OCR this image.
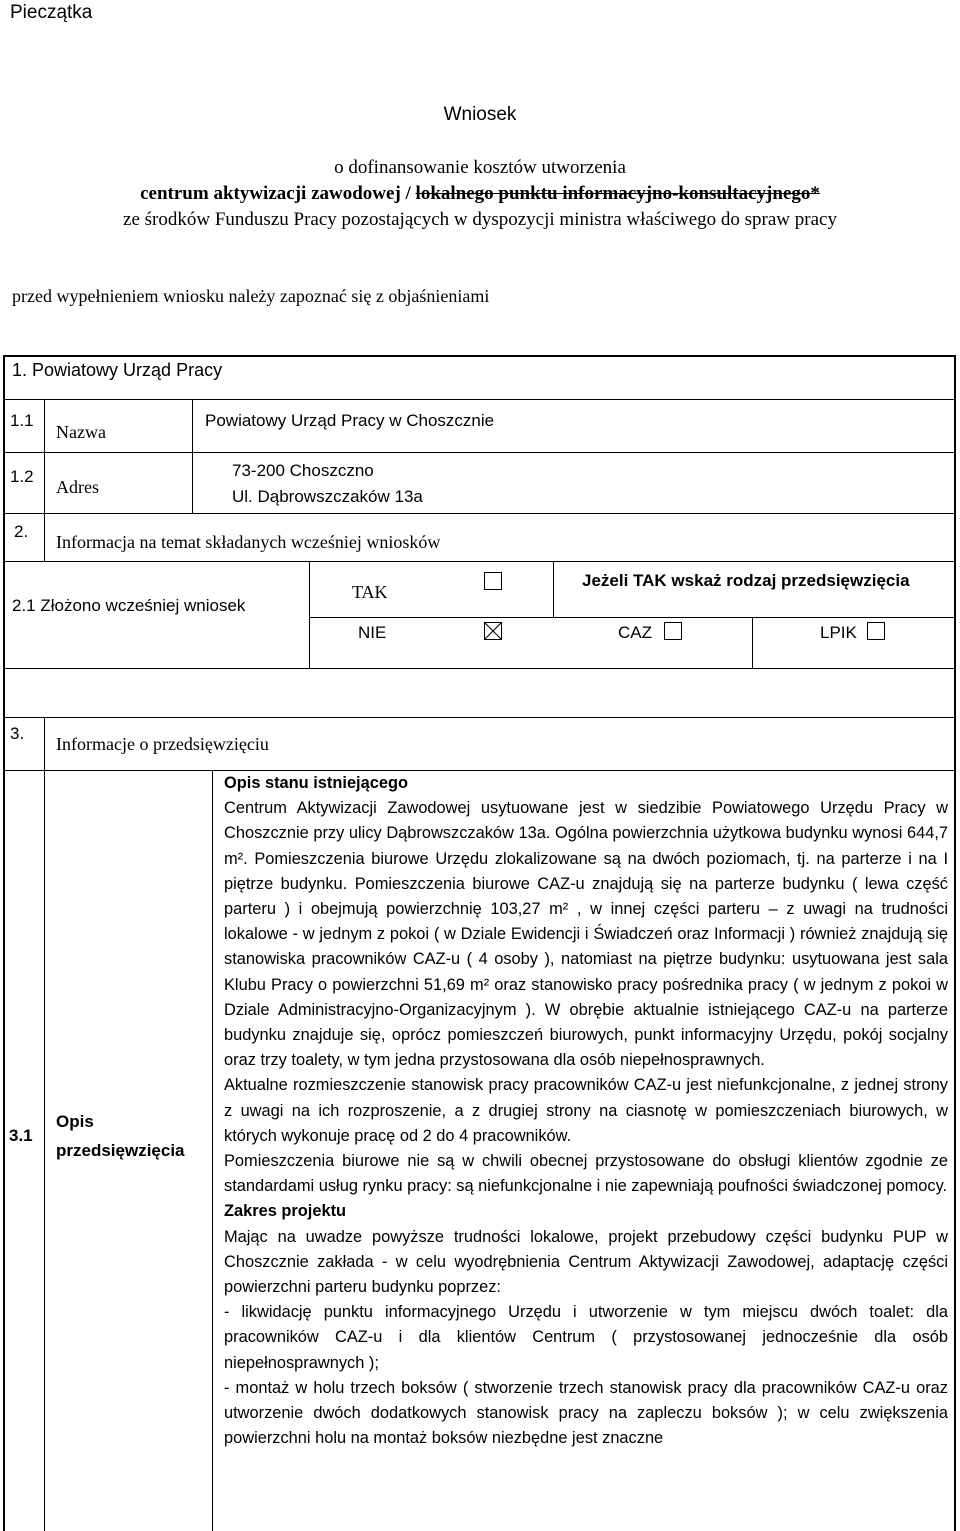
Pieczątka
Wniosek
o dofinansowanie kosztów utworzenia
centrum aktywizacji zawodowej / lokalnego punktu informacyjno-konsultacyjnego*
ze środków Funduszu Pracy pozostających w dyspozycji ministra właściwego do spraw pracy
przed wypełnieniem wniosku należy zapoznać się z objaśnieniami
1. Powiatowy Urząd Pracy
1.1
Nazwa
Powiatowy Urząd Pracy w Choszcznie
1.2
Adres
73-200 Choszczno
Ul. Dąbrowszczaków 13a
2.
Informacja na temat składanych wcześniej wniosków
2.1 Złożono wcześniej wniosek
TAK
Jeżeli TAK wskaż rodzaj przedsięwzięcia
NIE	CAZ	LPIK
3.
Informacje o przedsięwzięciu
3.1
Opis
przedsięwzięcia

Opis stanu istniejącego

Centrum Aktywizacji Zawodowej usytuowane jest w siedzibie Powiatowego Urzędu Pracy w Choszcznie przy ulicy Dąbrowszczaków 13a. Ogólna powierzchnia użytkowa budynku wynosi 644,7 m². Pomieszczenia biurowe Urzędu zlokalizowane są na dwóch poziomach, tj. na parterze i na I piętrze budynku. Pomieszczenia biurowe CAZ-u znajdują się na parterze budynku ( lewa część parteru ) i obejmują powierzchnię 103,27 m² , w innej części parteru – z uwagi na trudności lokalowe - w jednym z pokoi ( w Dziale Ewidencji i Świadczeń oraz Informacji ) również znajdują się stanowiska pracowników CAZ-u ( 4 osoby ), natomiast na piętrze budynku: usytuowana jest sala Klubu Pracy o powierzchni 51,69 m² oraz stanowisko pracy pośrednika pracy ( w jednym z pokoi w Dziale Administracyjno-Organizacyjnym ). W obrębie aktualnie istniejącego CAZ-u na parterze budynku znajduje się, oprócz pomieszczeń biurowych, punkt informacyjny Urzędu, pokój socjalny oraz trzy toalety, w tym jedna przystosowana dla osób niepełnosprawnych.

Aktualne rozmieszczenie stanowisk pracy pracowników CAZ-u jest niefunkcjonalne, z jednej strony z uwagi na ich rozproszenie, a z drugiej strony na ciasnotę w pomieszczeniach biurowych, w których wykonuje pracę od 2 do 4 pracowników.

Pomieszczenia biurowe nie są w chwili obecnej przystosowane do obsługi klientów zgodnie ze standardami usług rynku pracy: są niefunkcjonalne i nie zapewniają poufności świadczonej pomocy.

Zakres projektu

Mając na uwadze powyższe trudności lokalowe, projekt przebudowy części budynku PUP w Choszcznie zakłada - w celu wyodrębnienia Centrum Aktywizacji Zawodowej, adaptację części powierzchni parteru budynku poprzez:

- likwidację punktu informacyjnego Urzędu i utworzenie w tym miejscu dwóch toalet: dla pracowników CAZ-u i dla klientów Centrum ( przystosowanej jednocześnie dla osób niepełnosprawnych );

- montaż w holu trzech boksów ( stworzenie trzech stanowisk pracy dla pracowników CAZ-u oraz utworzenie dwóch dodatkowych stanowisk pracy na zapleczu boksów ); w celu zwiększenia powierzchni holu na montaż boksów niezbędne jest znaczne
